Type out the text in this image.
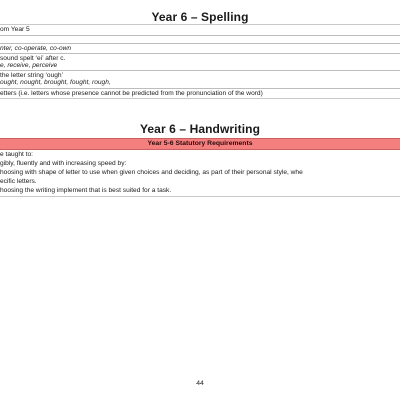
Year 6 – Spelling
om Year 5
nter, co-operate, co-own
sound spelt ‘ei’ after c.
e, receive, perceive
the letter string ‘ough’
ought, nought, brought, fought, rough,
etters (i.e. letters whose presence cannot be predicted from the pronunciation of the word)
Year 6 – Handwriting
Year 5-6 Statutory Requirements
e taught to:
gibly, fluently and with increasing speed by:
hoosing with shape of letter to use when given choices and deciding, as part of their personal style, whe
ecific letters.
hoosing the writing implement that is best suited for a task.
44
